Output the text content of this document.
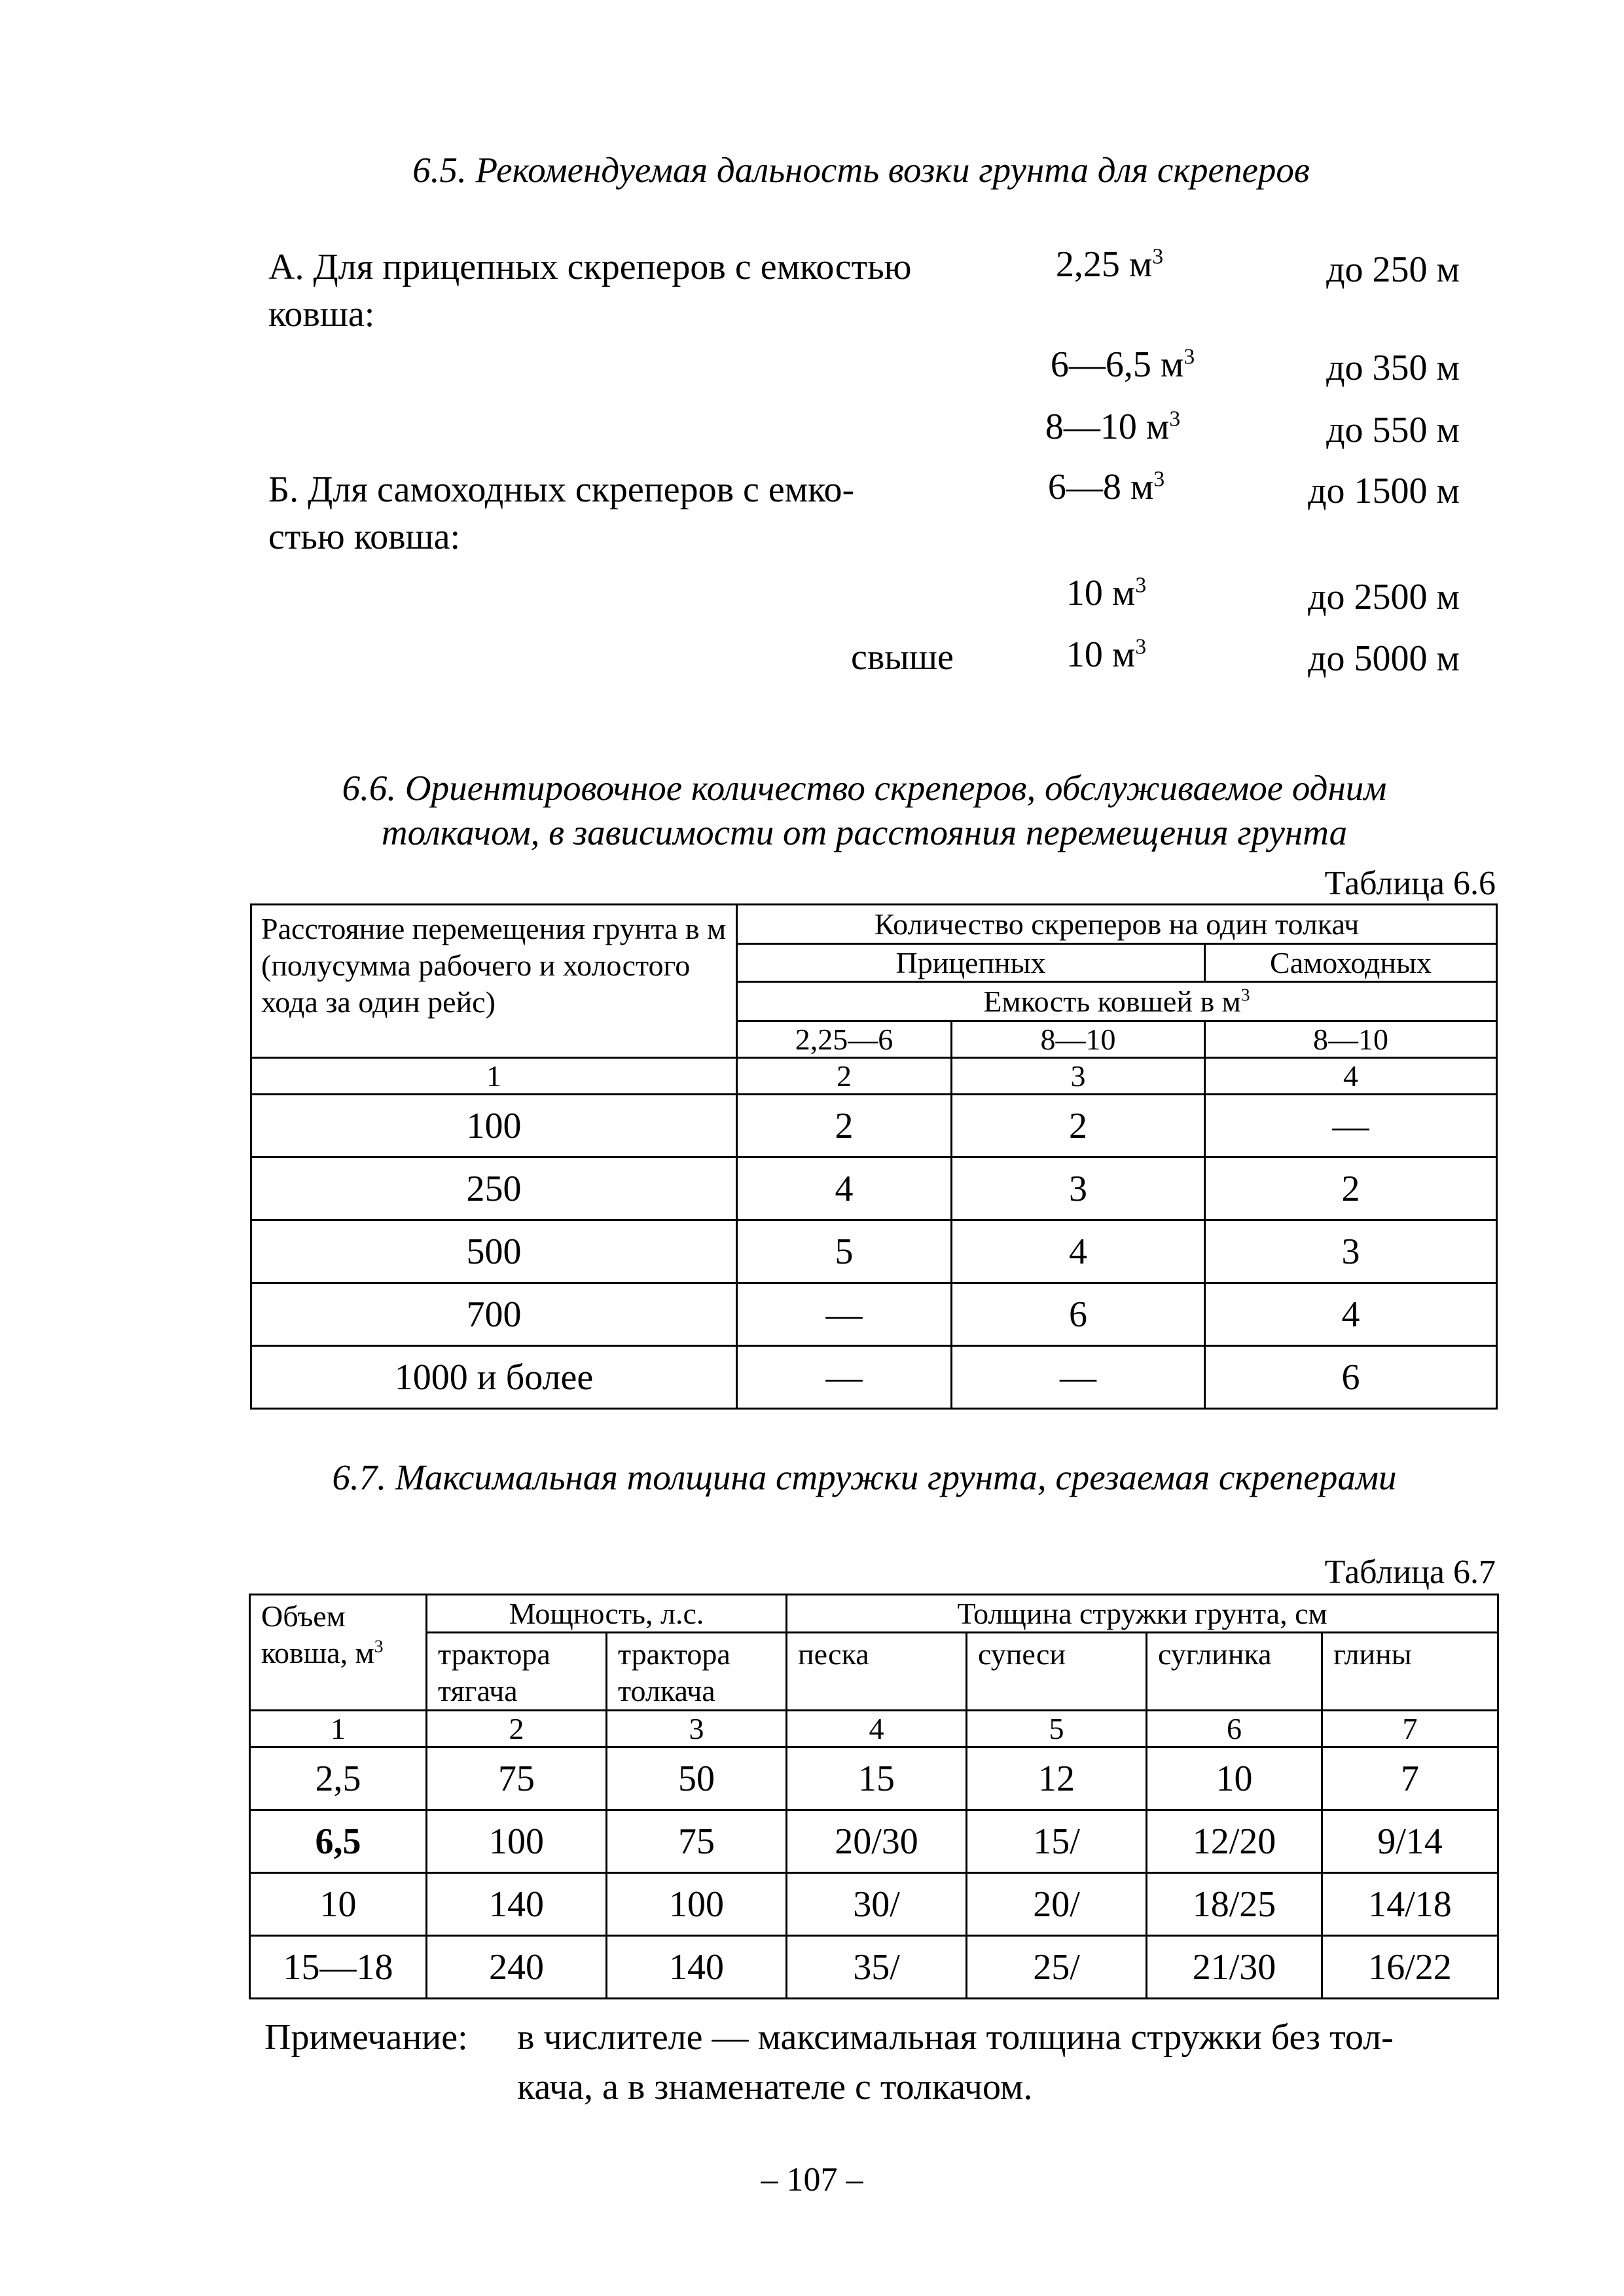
6.5. Рекомендуемая дальность возки грунта для скреперов
А. Для прицепных скреперов с емкостью
ковша:
2,25 $м^3$	до 250 м
6—6,5 $м^3$	до 350 м
8—10 $м^3$	до 550 м
Б. Для самоходных скреперов с емко-
стью ковша:
6—8 $м^3$	до 1500 м
10 $м^3$	до 2500 м
свыше	10 $м^3$	до 5000 м
6.6. Ориентировочное количество скреперов, обслуживаемое одним
толкачом, в зависимости от расстояния перемещения грунта
Таблица 6.6
Расстояние перемещения грунта в м (полусумма рабочего и холостого хода за один рейс)	Количество скреперов на один толкач		
	Прицепных		Самоходных
	Емкость ковшей в $м^3$
	2,25—6	8—10	8—10
1	2	3	4
100	2	2	—
250	4	3	2
500	5	4	3
700	—	6	4
1000 и более	—	—	6
6.7. Максимальная толщина стружки грунта, срезаемая скреперами
Таблица 6.7
Объем ковша, $м^3$	Мощность, л.с.		Толщина стружки грунта, см			
	трактора тягача	трактора толкача	песка	супеси	суглинка	глины
1	2	3	4	5	6	7
2,5	75	50	15	12	10	7
6,5	100	75	20/30	15/	12/20	9/14
10	140	100	30/	20/	18/25	14/18
15—18	240	140	35/	25/	21/30	16/22
Примечание: в числителе — максимальная толщина стружки без тол-
кача, а в знаменателе с толкачом.
– 107 –
